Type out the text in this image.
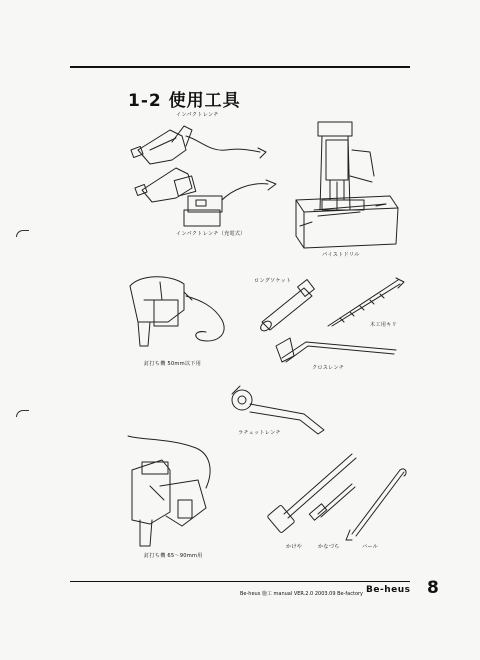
1-2 使用工具
インパクトレンチ
インパクトレンチ（充電式）
パイストドリル
ロングソケット
木工用キリ
釘打ち機 50mm以下用
クロスレンチ
ラチェットレンチ
釘打ち機 65〜90mm用
かけや	かなづち	バール
Be-heus 施工 manual VER.2.0 2003.09 Be-factory Be-heus 8
